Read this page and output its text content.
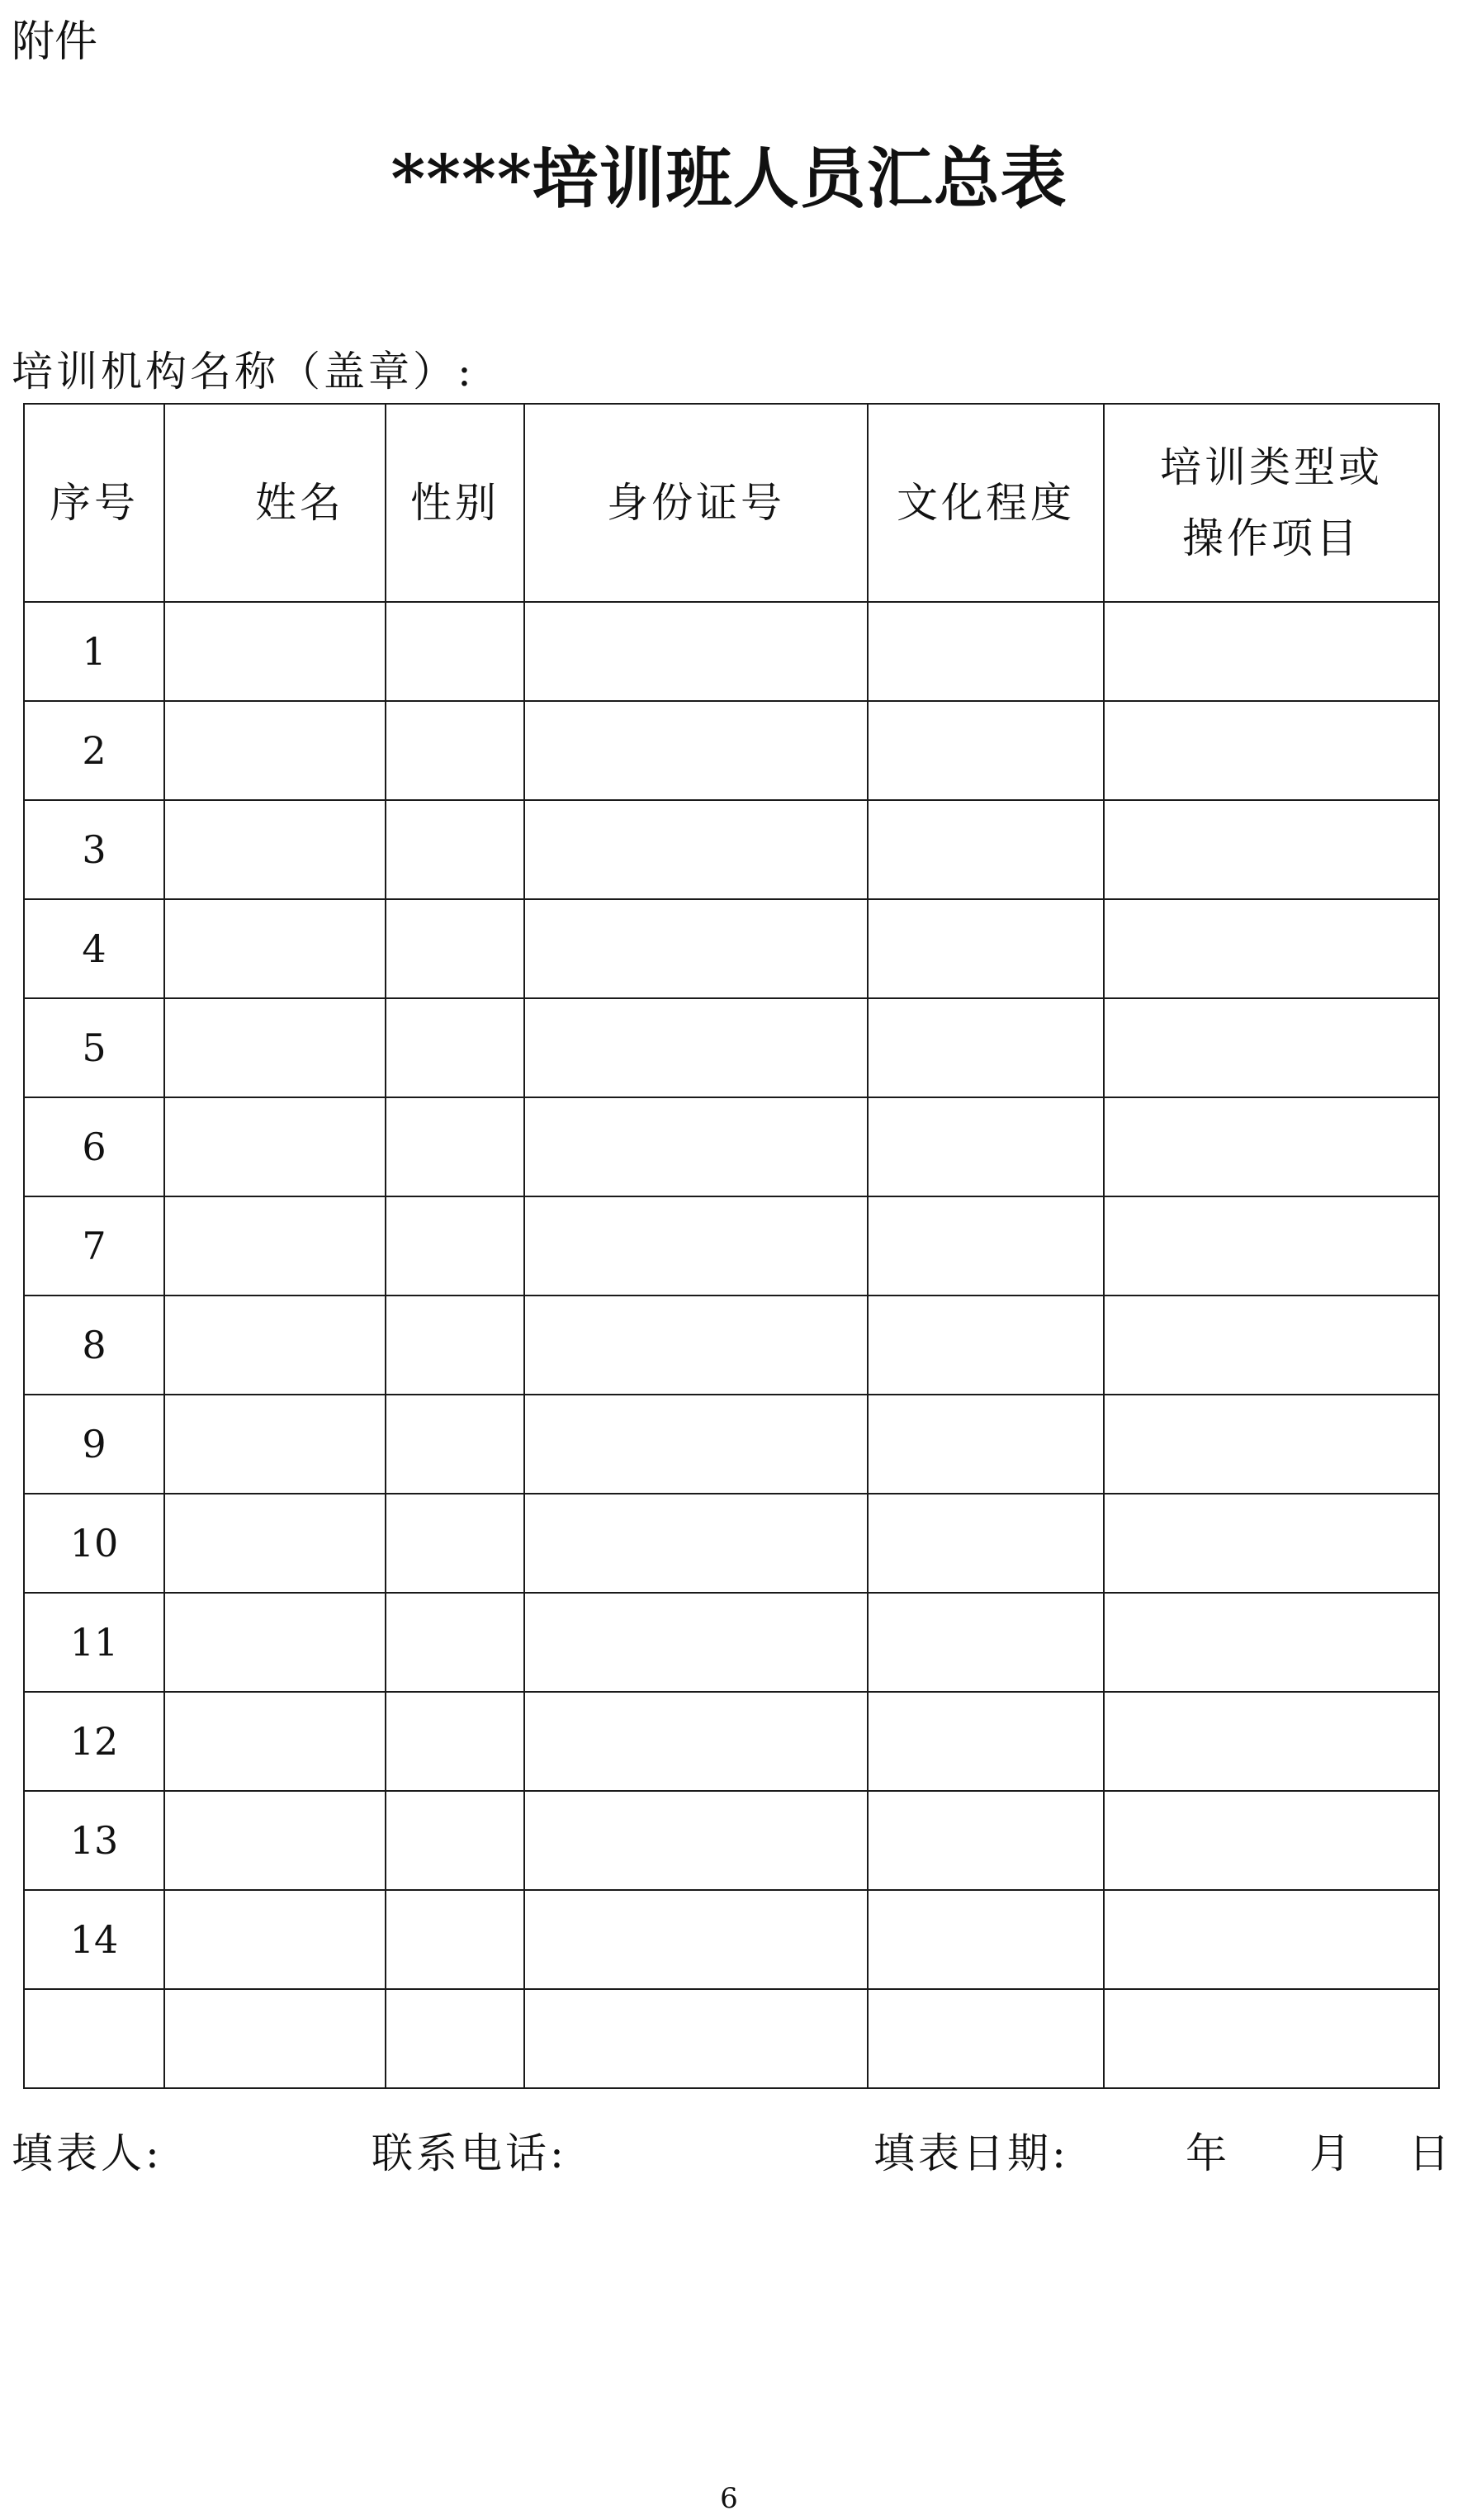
附件
****培训班人员汇总表
培训机构名称（盖章）:
序号	姓名	性别	身份证号	文化程度	培训类型或
操作项目

1					
2					
3					
4					
5					
6					
7					
8					
9					
10					
11					
12					
13					
14					

填表人:	联系电话:	填表日期:	年 月 日
6
